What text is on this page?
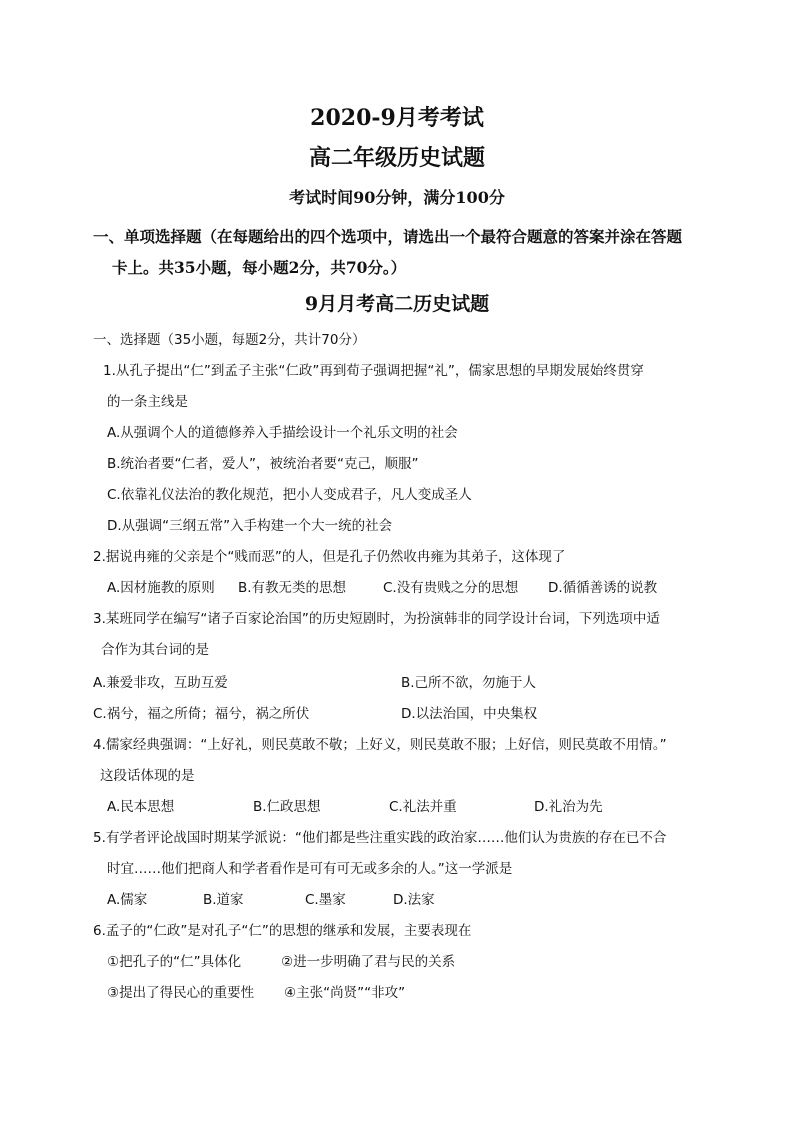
2020-9月考考试
高二年级历史试题
考试时间90分钟，满分100分
一、单项选择题（在每题给出的四个选项中，请选出一个最符合题意的答案并涂在答题
卡上。共35小题，每小题2分，共70分。）
9月月考高二历史试题
一、选择题（35小题，每题2分，共计70分）
1.从孔子提出“仁”到孟子主张“仁政”再到荀子强调把握“礼”，儒家思想的早期发展始终贯穿
的一条主线是
A.从强调个人的道德修养入手描绘设计一个礼乐文明的社会
B.统治者要“仁者，爱人”，被统治者要“克己，顺服”
C.依靠礼仪法治的教化规范，把小人变成君子，凡人变成圣人
D.从强调“三纲五常”入手构建一个大一统的社会
2.据说冉雍的父亲是个“贱而恶”的人，但是孔子仍然收冉雍为其弟子，这体现了
A.因材施教的原则 B.有教无类的思想	C.没有贵贱之分的思想 D.循循善诱的说教
3.某班同学在编写“诸子百家论治国”的历史短剧时，为扮演韩非的同学设计台词，下列选项中适
合作为其台词的是
A.兼爱非攻，互助互爱	B.己所不欲，勿施于人
C.祸兮，福之所倚；福兮，祸之所伏	D.以法治国，中央集权
4.儒家经典强调：“上好礼，则民莫敢不敬；上好义，则民莫敢不服；上好信，则民莫敢不用情。”
这段话体现的是
A.民本思想	B.仁政思想	C.礼法并重	D.礼治为先
5.有学者评论战国时期某学派说：“他们都是些注重实践的政治家……他们认为贵族的存在已不合
时宜……他们把商人和学者看作是可有可无或多余的人。”这一学派是
A.儒家	B.道家	C.墨家	D.法家
6.孟子的“仁政”是对孔子“仁”的思想的继承和发展，主要表现在
①把孔子的“仁”具体化	②进一步明确了君与民的关系
③提出了得民心的重要性 ④主张“尚贤”“非攻”
